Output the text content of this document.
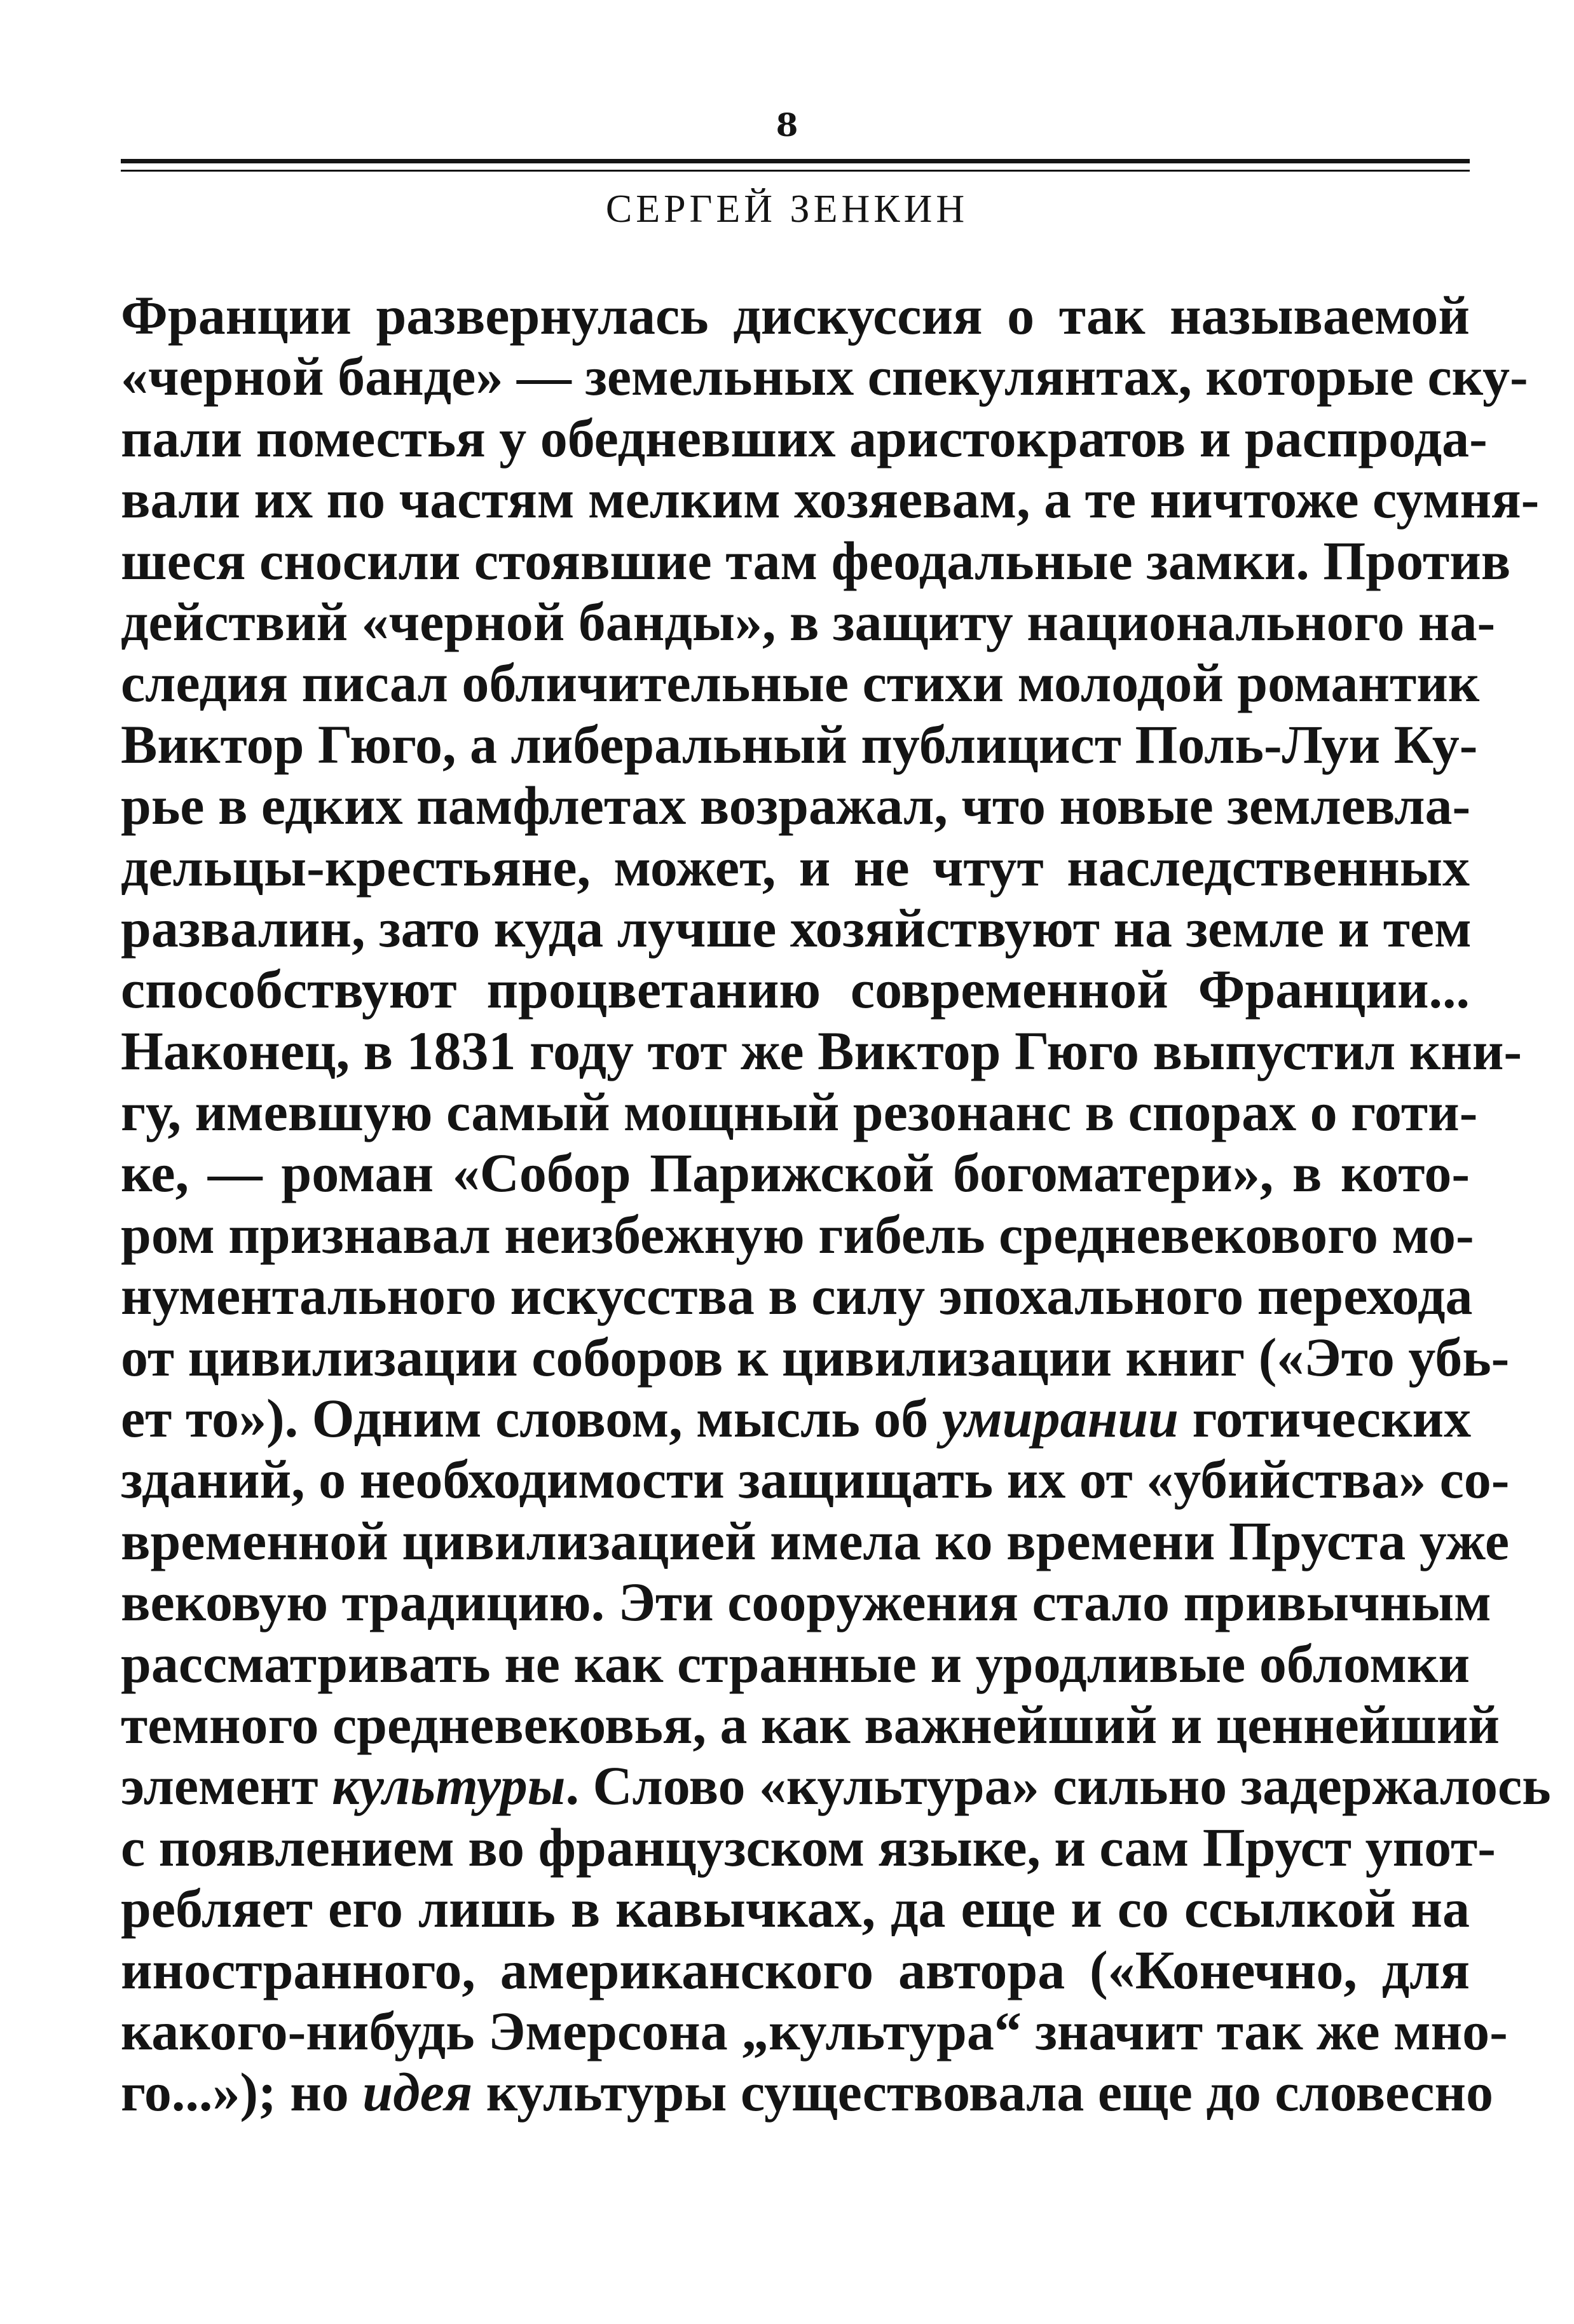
8
СЕРГЕЙ ЗЕНКИН
Франции развернулась дискуссия о так называемой
«черной банде» — земельных спекулянтах, которые ску-
пали поместья у обедневших аристократов и распрода-
вали их по частям мелким хозяевам, а те ничтоже сумня-
шеся сносили стоявшие там феодальные замки. Против
действий «черной банды», в защиту национального на-
следия писал обличительные стихи молодой романтик
Виктор Гюго, а либеральный публицист Поль-Луи Ку-
рье в едких памфлетах возражал, что новые землевла-
дельцы-крестьяне, может, и не чтут наследственных
развалин, зато куда лучше хозяйствуют на земле и тем
способствуют процветанию современной Франции...
Наконец, в 1831 году тот же Виктор Гюго выпустил кни-
гу, имевшую самый мощный резонанс в спорах о готи-
ке, — роман «Собор Парижской богоматери», в кото-
ром признавал неизбежную гибель средневекового мо-
нументального искусства в силу эпохального перехода
от цивилизации соборов к цивилизации книг («Это убь-
ет то»). Одним словом, мысль об умирании готических
зданий, о необходимости защищать их от «убийства» со-
временной цивилизацией имела ко времени Пруста уже
вековую традицию. Эти сооружения стало привычным
рассматривать не как странные и уродливые обломки
темного средневековья, а как важнейший и ценнейший
элемент культуры. Слово «культура» сильно задержалось
с появлением во французском языке, и сам Пруст упот-
ребляет его лишь в кавычках, да еще и со ссылкой на
иностранного, американского автора («Конечно, для
какого-нибудь Эмерсона „культура“ значит так же мно-
го...»); но идея культуры существовала еще до словесно
